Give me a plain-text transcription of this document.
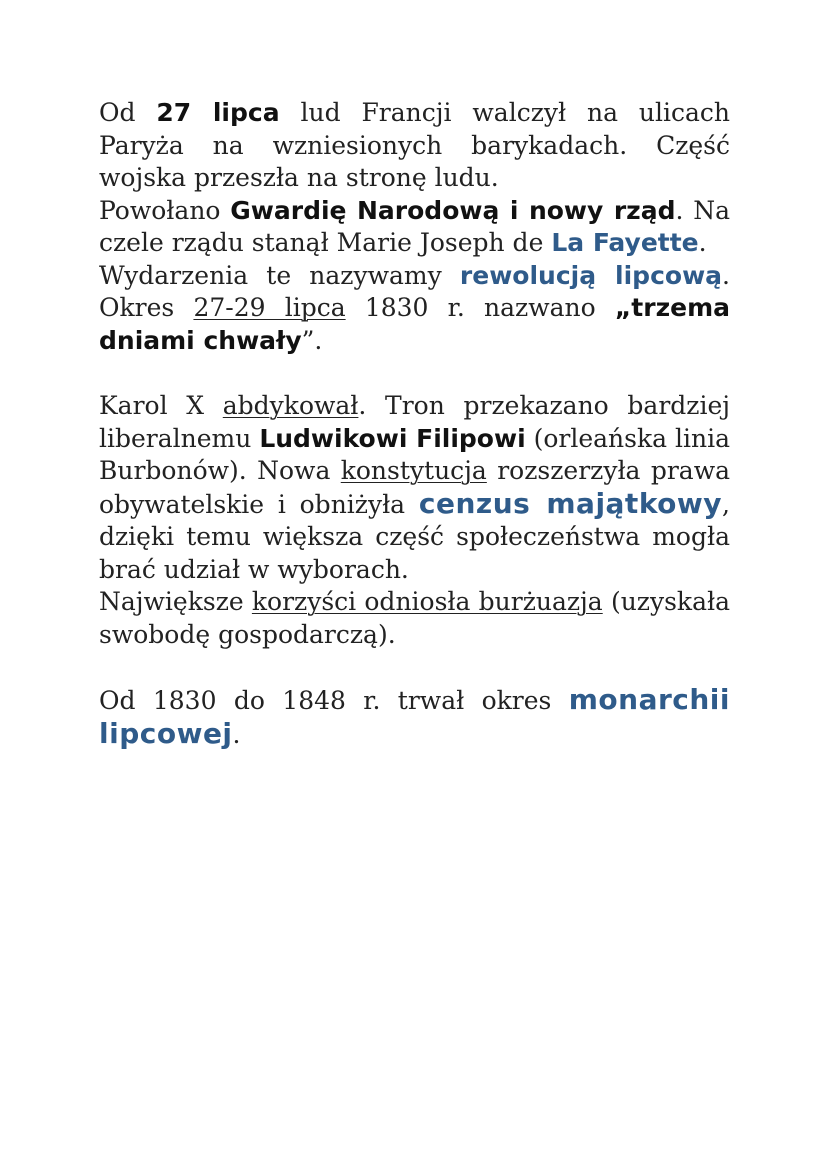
Od 27 lipca lud Francji walczył na ulicach Paryża na wzniesionych barykadach. Część wojska przeszła na stronę ludu.

Powołano Gwardię Narodową i nowy rząd. Na czele rządu stanął Marie Joseph de La Fayette.

Wydarzenia te nazywamy rewolucją lipcową. Okres 27-29 lipca 1830 r. nazwano „trzema dniami chwały”.

Karol X abdykował. Tron przekazano bardziej liberalnemu Ludwikowi Filipowi (orleańska linia Burbonów). Nowa konstytucja rozszerzyła prawa obywatelskie i obniżyła cenzus majątkowy, dzięki temu większa część społeczeństwa mogła brać udział w wyborach.

Największe korzyści odniosła burżuazja (uzyskała swobodę gospodarczą).

Od 1830 do 1848 r. trwał okres monarchii lipcowej.
